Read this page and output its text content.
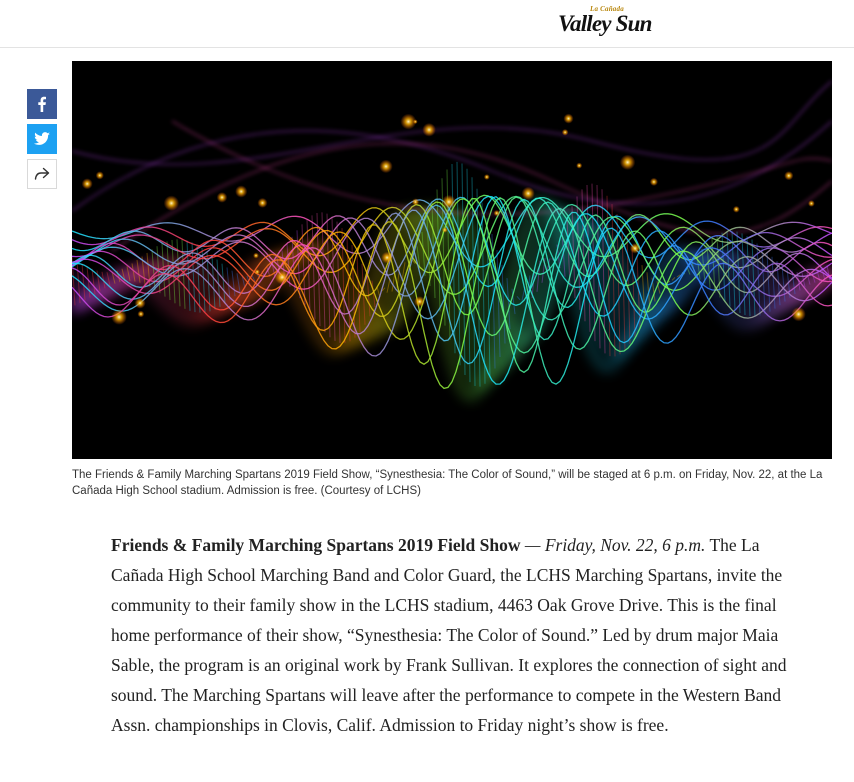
La Cañada
Valley Sun
The Friends & Family Marching Spartans 2019 Field Show, “Synesthesia: The Color of Sound,” will be staged at 6 p.m. on Friday, Nov. 22, at the La Cañada High School stadium. Admission is free. (Courtesy of LCHS)

Friends & Family Marching Spartans 2019 Field Show — Friday, Nov. 22, 6 p.m. The La Cañada High School Marching Band and Color Guard, the LCHS Marching Spartans, invite the community to their family show in the LCHS stadium, 4463 Oak Grove Drive. This is the final home performance of their show, “Synesthesia: The Color of Sound.” Led by drum major Maia Sable, the program is an original work by Frank Sullivan. It explores the connection of sight and sound. The Marching Spartans will leave after the performance to compete in the Western Band Assn. championships in Clovis, Calif. Admission to Friday night’s show is free.
